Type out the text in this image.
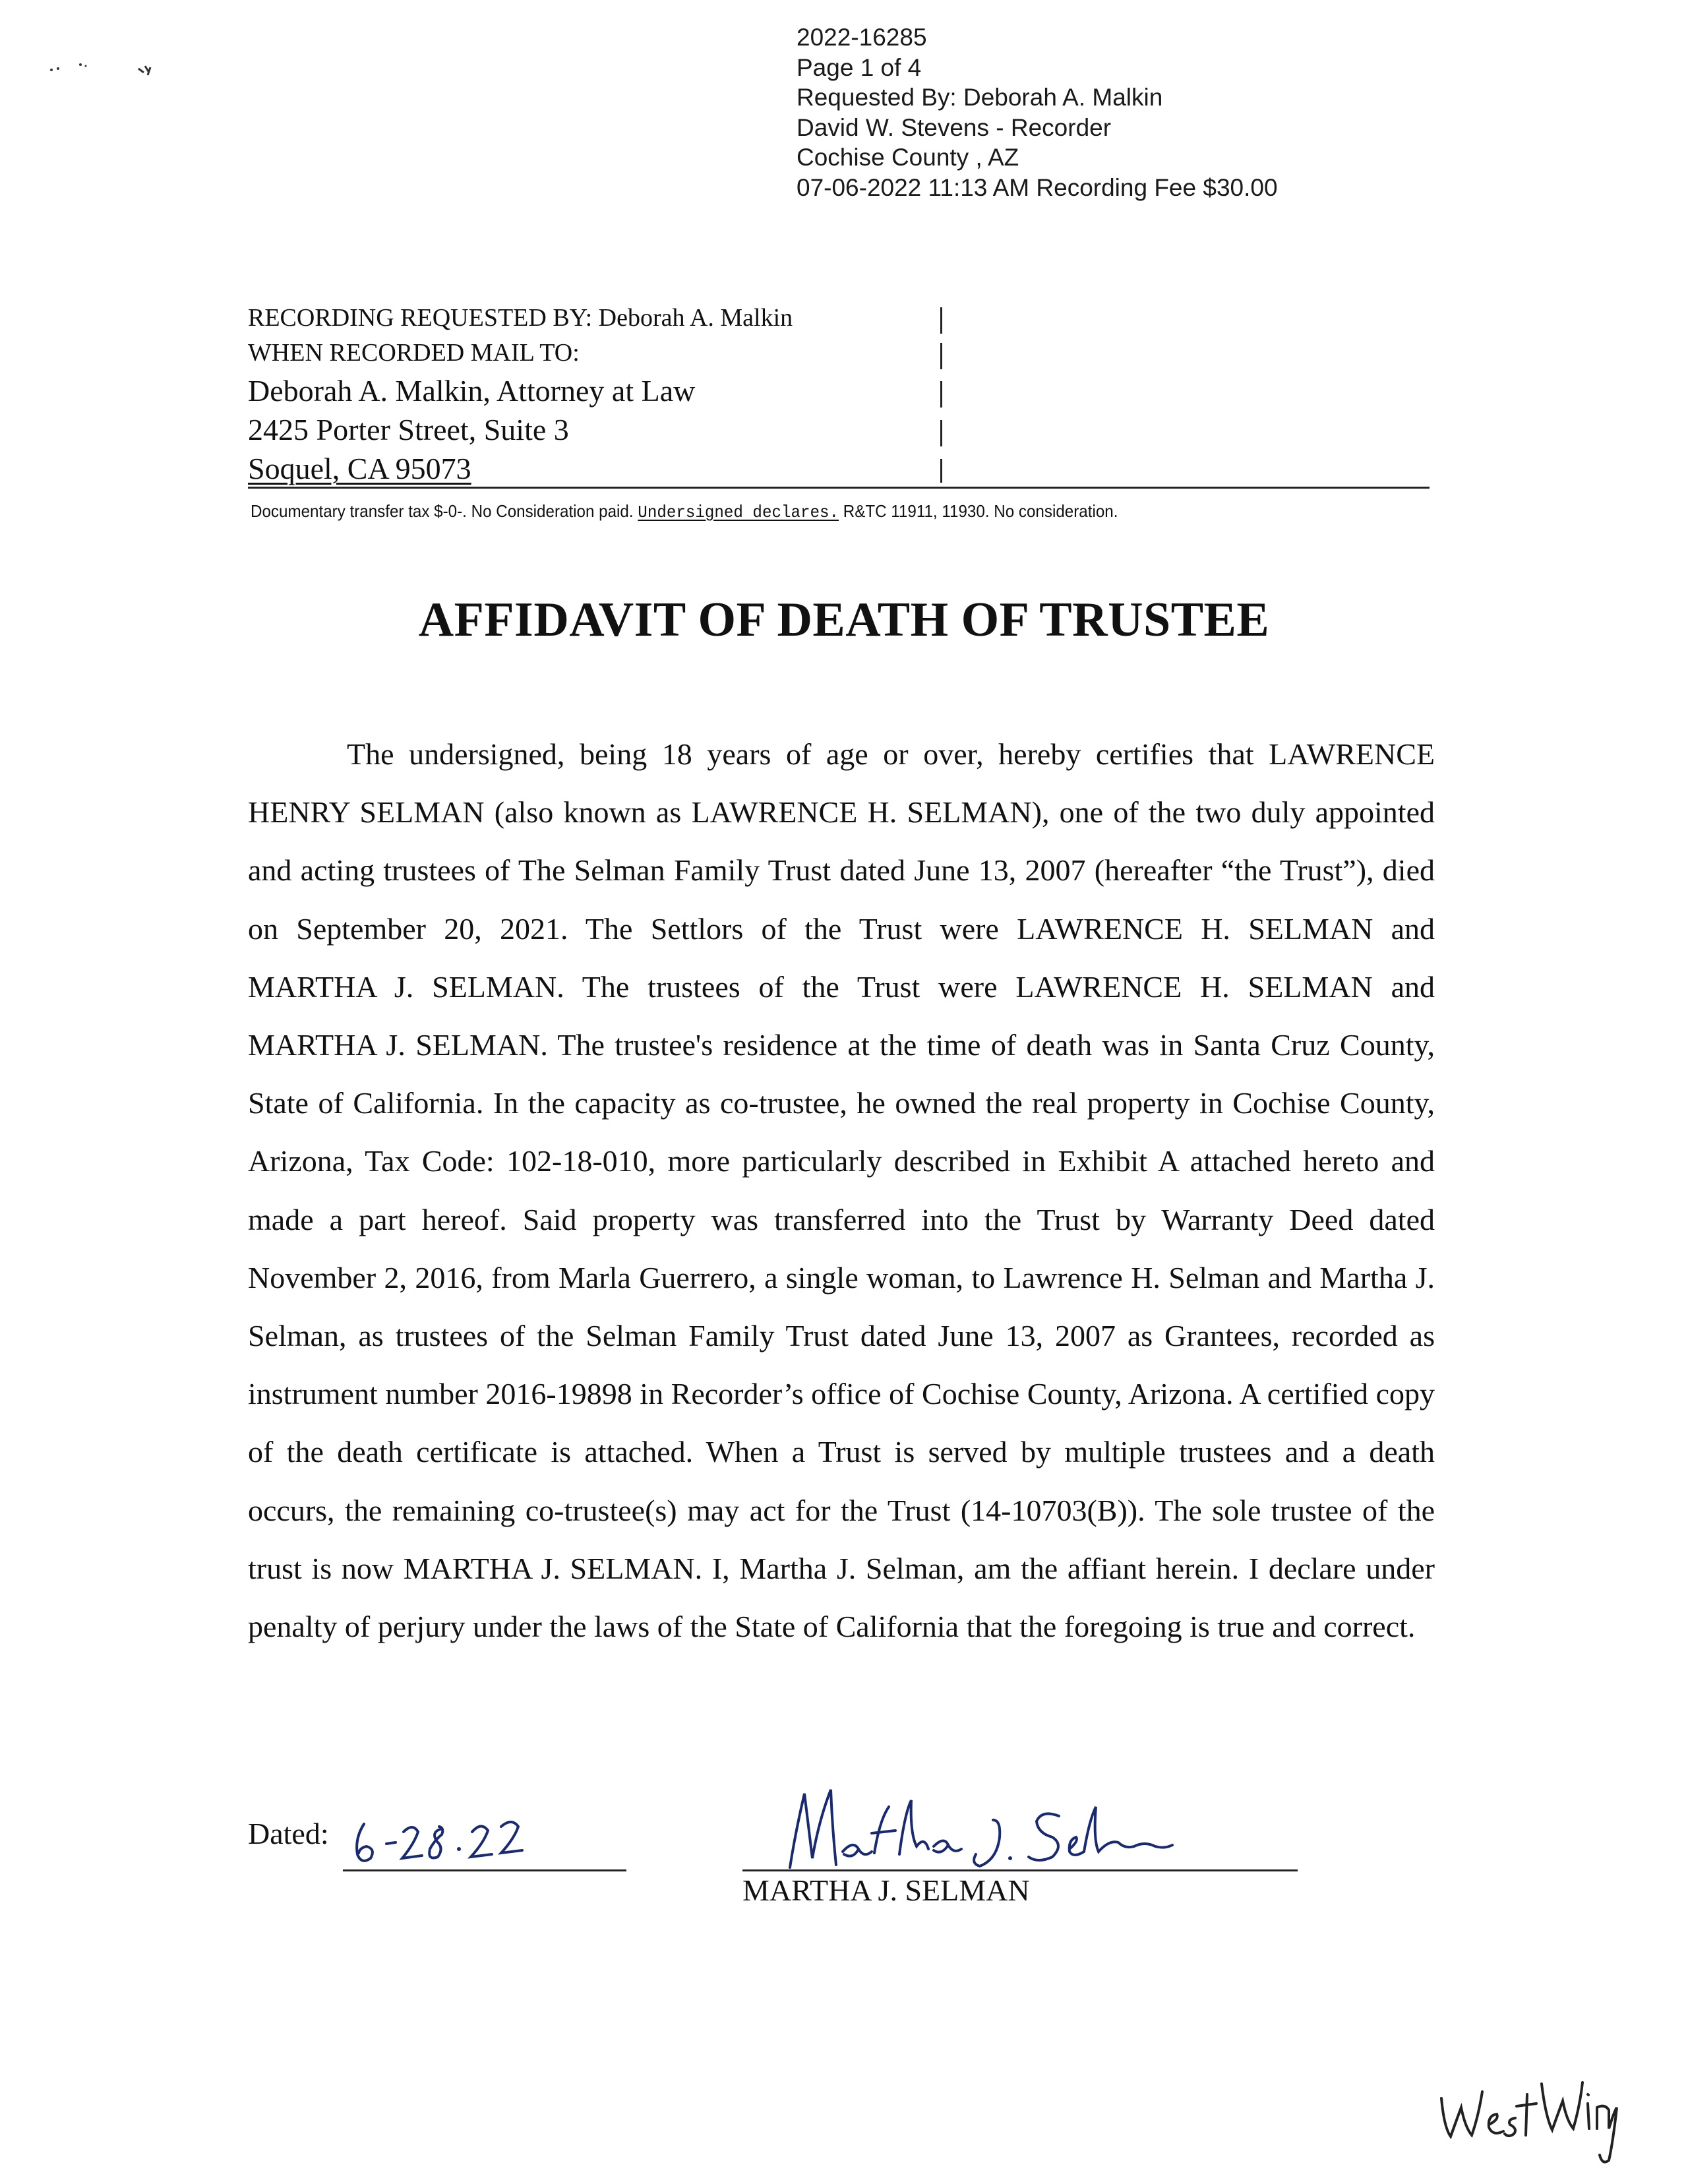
2022-16285
Page 1 of 4
Requested By: Deborah A. Malkin
David W. Stevens - Recorder
Cochise County , AZ
07-06-2022 11:13 AM Recording Fee $30.00
RECORDING REQUESTED BY: Deborah A. Malkin
WHEN RECORDED MAIL TO:
Deborah A. Malkin, Attorney at Law
2425 Porter Street, Suite 3
Soquel, CA 95073
Documentary transfer tax $-0-. No Consideration paid. Undersigned declares. R&TC 11911, 11930. No consideration.
AFFIDAVIT OF DEATH OF TRUSTEE
The undersigned, being 18 years of age or over, hereby certifies that LAWRENCE HENRY SELMAN (also known as LAWRENCE H. SELMAN), one of the two duly appointed and acting trustees of The Selman Family Trust dated June 13, 2007 (hereafter “the Trust”), died on September 20, 2021. The Settlors of the Trust were LAWRENCE H. SELMAN and MARTHA J. SELMAN. The trustees of the Trust were LAWRENCE H. SELMAN and MARTHA J. SELMAN. The trustee's residence at the time of death was in Santa Cruz County, State of California. In the capacity as co-trustee, he owned the real property in Cochise County, Arizona, Tax Code: 102-18-010, more particularly described in Exhibit A attached hereto and made a part hereof. Said property was transferred into the Trust by Warranty Deed dated November 2, 2016, from Marla Guerrero, a single woman, to Lawrence H. Selman and Martha J. Selman, as trustees of the Selman Family Trust dated June 13, 2007 as Grantees, recorded as instrument number 2016-19898 in Recorder’s office of Cochise County, Arizona. A certified copy of the death certificate is attached. When a Trust is served by multiple trustees and a death occurs, the remaining co-trustee(s) may act for the Trust (14-10703(B)). The sole trustee of the trust is now MARTHA J. SELMAN. I, Martha J. Selman, am the affiant herein. I declare under penalty of perjury under the laws of the State of California that the foregoing is true and correct.
Dated:
MARTHA J. SELMAN
